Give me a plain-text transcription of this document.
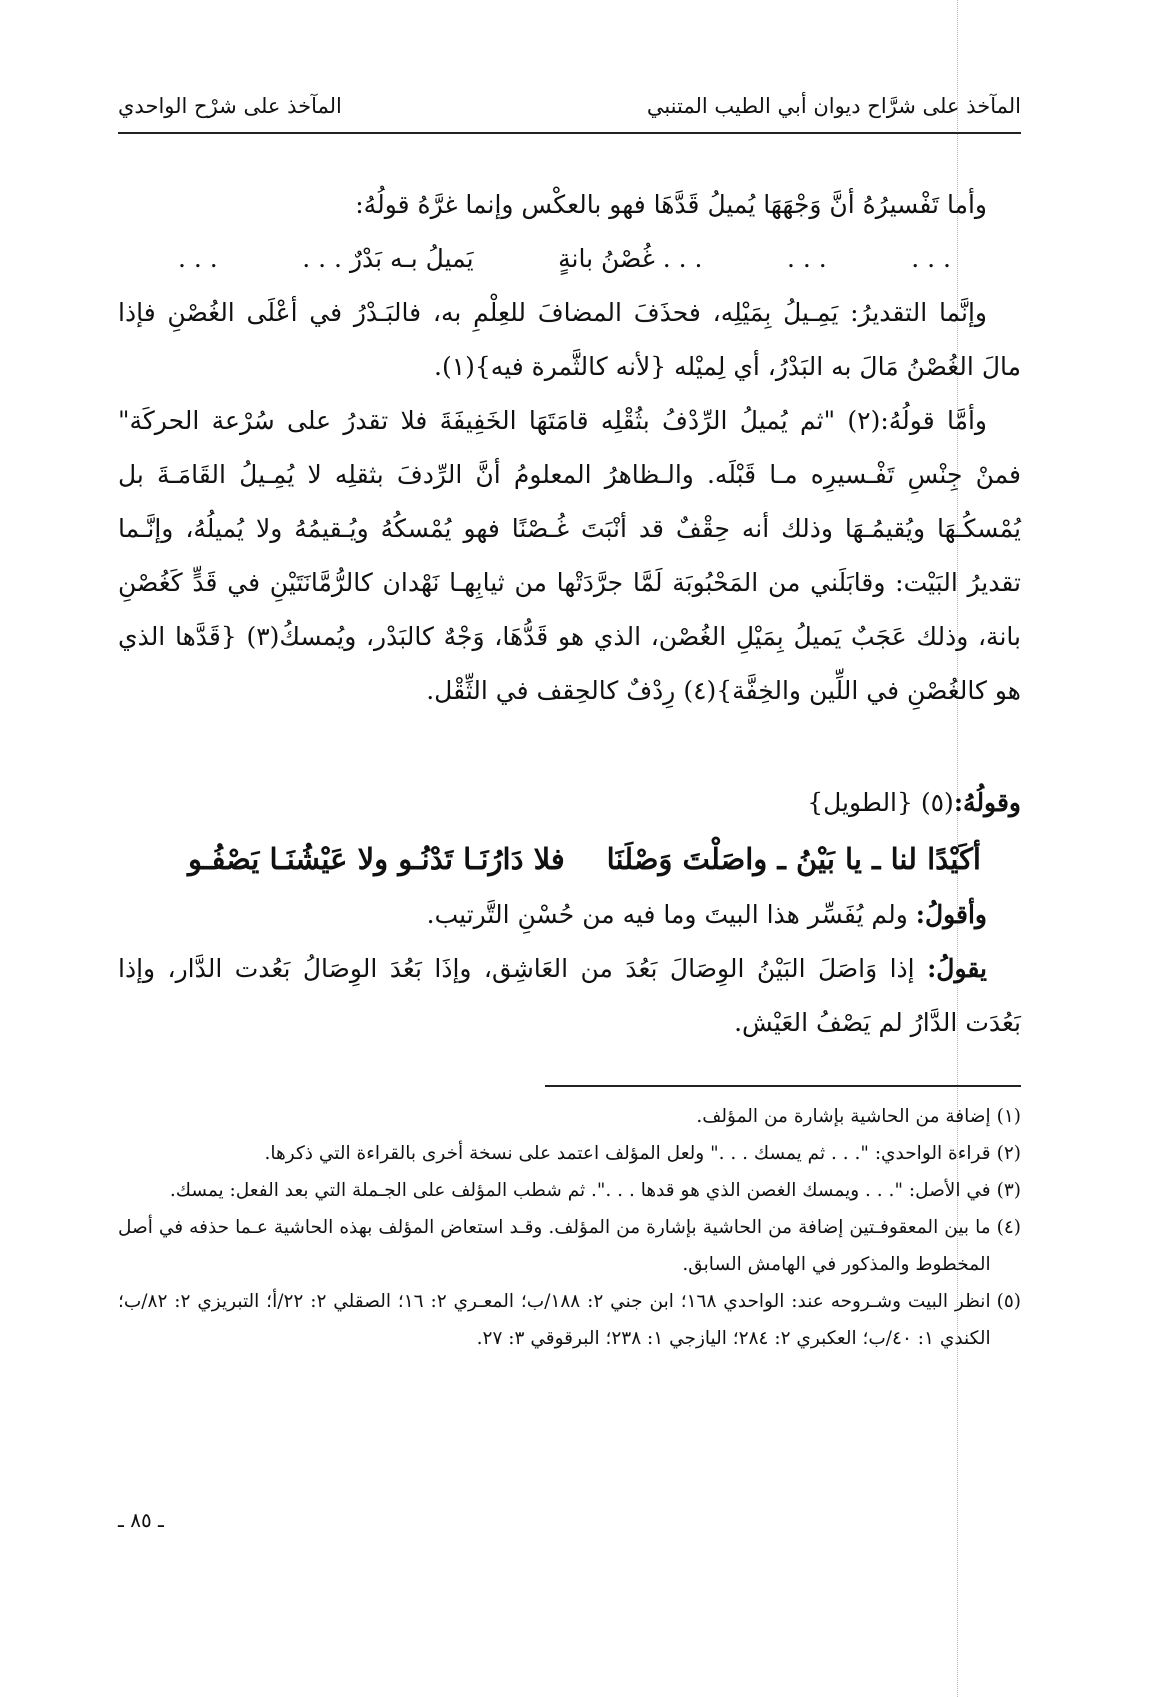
المآخذ على شرَّاح ديوان أبي الطيب المتنبي
المآخذ على شرْح الواحدي

وأما تَفْسيرُهُ أنَّ وَجْهَهَا يُميلُ قَدَّهَا فهو بالعكْس وإنما غرَّهُ قولُهُ:

. . .
. . .
. . . غُصْنُ بانةٍ
يَميلُ بـه بَدْرٌ . . .
. . .

وإنَّما التقديرُ: يَمِـيلُ بِمَيْلِه، فحذَفَ المضافَ للعِلْمِ به، فالبَـدْرُ في أعْلَى الغُصْنِ فإذا مالَ الغُصْنُ مَالَ به البَدْرُ، أي لِميْله {لأنه كالثَّمرة فيه}(١).

وأمَّا قولُهُ:(٢) "ثم يُميلُ الرِّدْفُ بثُقْلِه قامَتَهَا الخَفِيفَةَ فلا تقدرُ على سُرْعة الحركَة" فمنْ جِنْسِ تَفْـسيرِه مـا قَبْلَه. والـظاهرُ المعلومُ أنَّ الرِّدفَ بثقلِه لا يُمِـيلُ القَامَـةَ بل يُمْسكُـهَا ويُقيمُـهَا وذلك أنه حِقْفٌ قد أنْبَتَ غُـصْنًا فهو يُمْسكُهُ ويُـقيمُهُ ولا يُميلُهُ، وإنَّـما تقديرُ البَيْت: وقابَلَني من المَحْبُوبَة لَمَّا جرَّدَتْها من ثيابِهـا نَهْدان كالرُّمَّانَتَيْنِ في قَدٍّ كَغُصْنِ بانة، وذلك عَجَبٌ يَميلُ بِمَيْلِ الغُصْن، الذي هو قَدُّهَا، وَجْهٌ كالبَدْر، ويُمسكُ(٣) {قَدَّها الذي هو كالغُصْنِ في اللِّين والخِفَّة}(٤) رِدْفٌ كالحِقف في الثِّقْل.

وقولُهُ:(٥) {الطويل}

أكَيْدًا لنا ـ يا بَيْنُ ـ واصَلْتَ وَصْلَنَا
فلا دَارُنَـا تَدْنُـو ولا عَيْشُنَـا يَصْفُـو

وأقولُ: ولم يُفَسِّر هذا البيتَ وما فيه من حُسْنِ التَّرتيب.

يقولُ: إذا وَاصَلَ البَيْنُ الوِصَالَ بَعُدَ من العَاشِق، وإذَا بَعُدَ الوِصَالُ بَعُدت الدَّار، وإذا بَعُدَت الدَّارُ لم يَصْفُ العَيْش.

(١)
إضافة من الحاشية بإشارة من المؤلف.
(٢)
قراءة الواحدي: ". . . ثم يمسك . . ." ولعل المؤلف اعتمد على نسخة أخرى بالقراءة التي ذكرها.
(٣)
في الأصل: ". . . ويمسك الغصن الذي هو قدها . . .". ثم شطب المؤلف على الجـملة التي بعد الفعل: يمسك.
(٤)
ما بين المعقوفـتين إضافة من الحاشية بإشارة من المؤلف. وقـد استعاض المؤلف بهذه الحاشية عـما حذفه في أصل المخطوط والمذكور في الهامش السابق.
(٥)
انظر البيت وشـروحه عند: الواحدي ١٦٨؛ ابن جني ٢: ١٨٨/ب؛ المعـري ٢: ١٦؛ الصقلي ٢: ٢٢/أ؛ التبريزي ٢: ٨٢/ب؛ الكندي ١: ٤٠/ب؛ العكبري ٢: ٢٨٤؛ اليازجي ١: ٢٣٨؛ البرقوقي ٣: ٢٧.
ـ ٨٥ ـ
